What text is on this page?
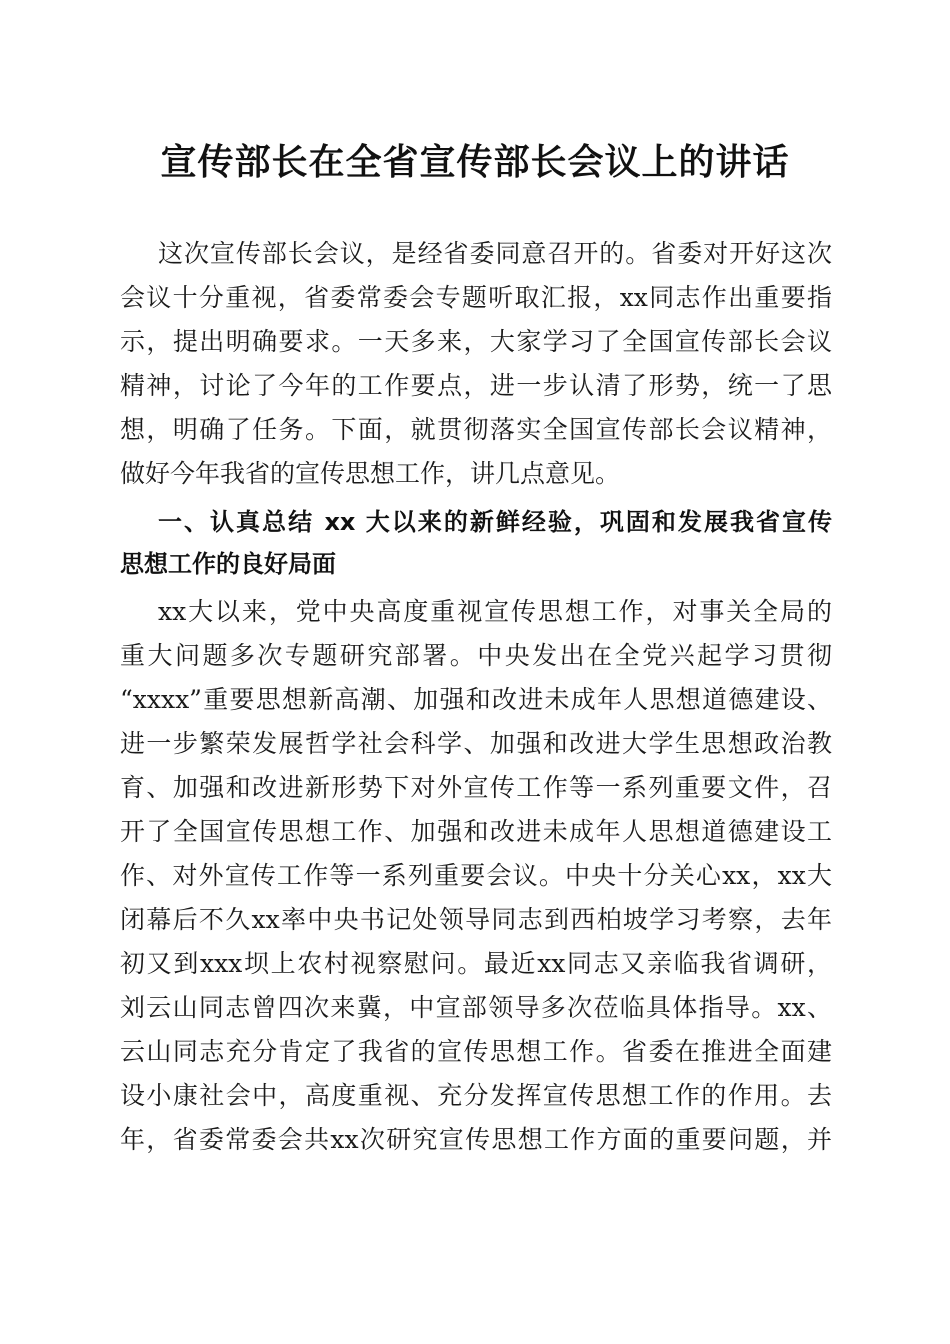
宣传部长在全省宣传部长会议上的讲话
这次宣传部长会议，是经省委同意召开的。省委对开好这次
会议十分重视，省委常委会专题听取汇报，xx同志作出重要指
示，提出明确要求。一天多来，大家学习了全国宣传部长会议
精神，讨论了今年的工作要点，进一步认清了形势，统一了思
想，明确了任务。下面，就贯彻落实全国宣传部长会议精神，
做好今年我省的宣传思想工作，讲几点意见。
一、认真总结 xx 大以来的新鲜经验，巩固和发展我省宣传
思想工作的良好局面
xx大以来，党中央高度重视宣传思想工作，对事关全局的
重大问题多次专题研究部署。中央发出在全党兴起学习贯彻
“xxxx”重要思想新高潮、加强和改进未成年人思想道德建设、
进一步繁荣发展哲学社会科学、加强和改进大学生思想政治教
育、加强和改进新形势下对外宣传工作等一系列重要文件，召
开了全国宣传思想工作、加强和改进未成年人思想道德建设工
作、对外宣传工作等一系列重要会议。中央十分关心xx，xx大
闭幕后不久xx率中央书记处领导同志到西柏坡学习考察，去年
初又到xxx坝上农村视察慰问。最近xx同志又亲临我省调研，
刘云山同志曾四次来冀，中宣部领导多次莅临具体指导。xx、
云山同志充分肯定了我省的宣传思想工作。省委在推进全面建
设小康社会中，高度重视、充分发挥宣传思想工作的作用。去
年，省委常委会共xx次研究宣传思想工作方面的重要问题，并
